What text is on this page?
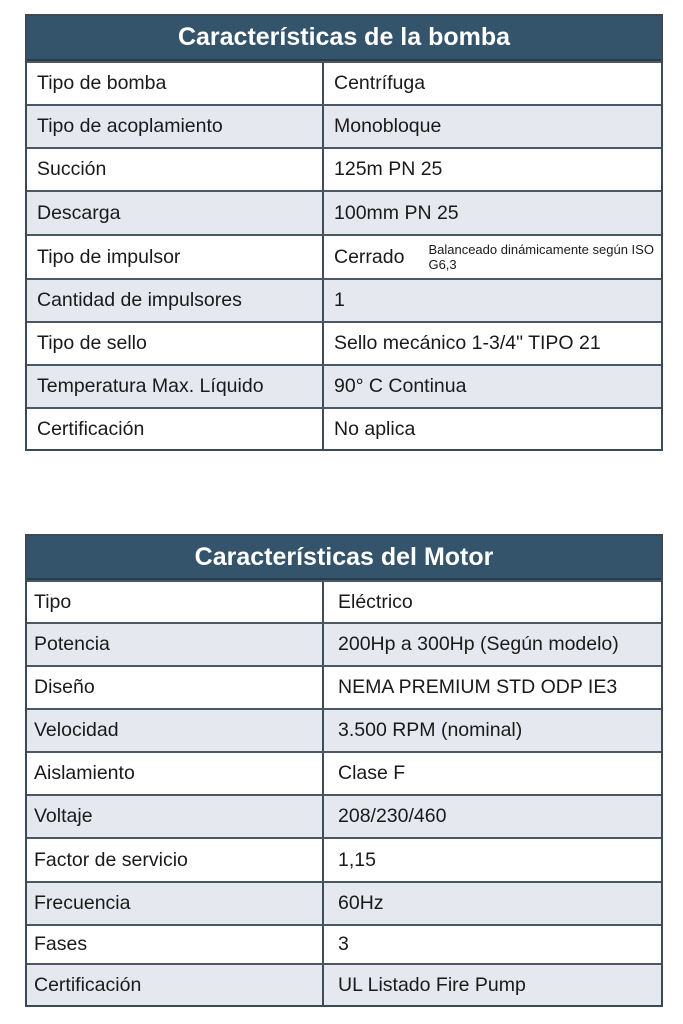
Características de la bomba
Tipo de bomba	Centrífuga
Tipo de acoplamiento	Monobloque
Succión	125m PN 25
Descarga	100mm PN 25
Tipo de impulsor	Cerrado Balanceado dinámicamente según ISO G6,3
Cantidad de impulsores	1
Tipo de sello	Sello mecánico 1-3/4" TIPO 21
Temperatura Max. Líquido	90° C Continua
Certificación	No aplica
Características del Motor
Tipo	Eléctrico
Potencia	200Hp a 300Hp (Según modelo)
Diseño	NEMA PREMIUM STD ODP IE3
Velocidad	3.500 RPM (nominal)
Aislamiento	Clase F
Voltaje	208/230/460
Factor de servicio	1,15
Frecuencia	60Hz
Fases	3
Certificación	UL Listado Fire Pump
